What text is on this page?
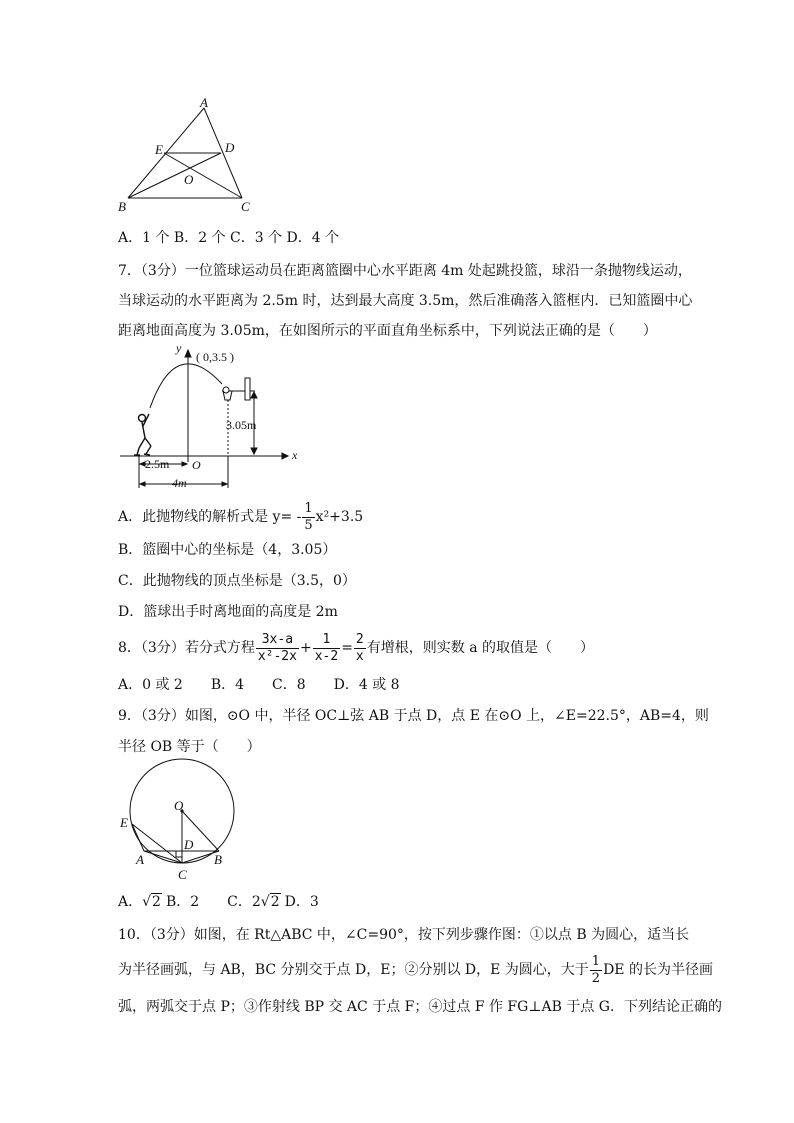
A
E	D
O
B	C
A．1 个 B．2 个 C．3 个 D．4 个
7．（3分）一位篮球运动员在距离篮圈中心水平距离 4m 处起跳投篮，球沿一条抛物线运动，
当球运动的水平距离为 2.5m 时，达到最大高度 3.5m，然后准确落入篮框内．已知篮圈中心
距离地面高度为 3.05m，在如图所示的平面直角坐标系中，下列说法正确的是（　　）
y
( 0,3.5 )
3.05m
x
O
2.5m
4m
A．此抛物线的解析式是 $y= - \frac{1}{5} x^2+3.5$
B．篮圈中心的坐标是（4，3.05）
C．此抛物线的顶点坐标是（3.5，0）
D．篮球出手时离地面的高度是 2m
8．（3分）若分式方程 $\frac{3x-a}{\text{x²-2x}} + \frac{1}{x-2} = \frac{2}{x}$ 有增根，则实数 a 的取值是（　　）
A．0 或 2　　B．4　　C．8　　D．4 或 8
9．（3分）如图，⊙O 中，半径 OC⊥弦 AB 于点 D，点 E 在⊙O 上，∠E=22.5°，AB=4，则
半径 OB 等于（　　）
O
E
D
A	B
C
A．√2 B．2　　C．2√2 D．3
10．（3分）如图，在 Rt△ABC 中，∠C=90°，按下列步骤作图：①以点 B 为圆心，适当长
为半径画弧，与 AB，BC 分别交于点 D，E；②分别以 D，E 为圆心，大于 $\frac{1}{2}$ DE 的长为半径画
弧，两弧交于点 P；③作射线 BP 交 AC 于点 F；④过点 F 作 FG⊥AB 于点 G．下列结论正确的
